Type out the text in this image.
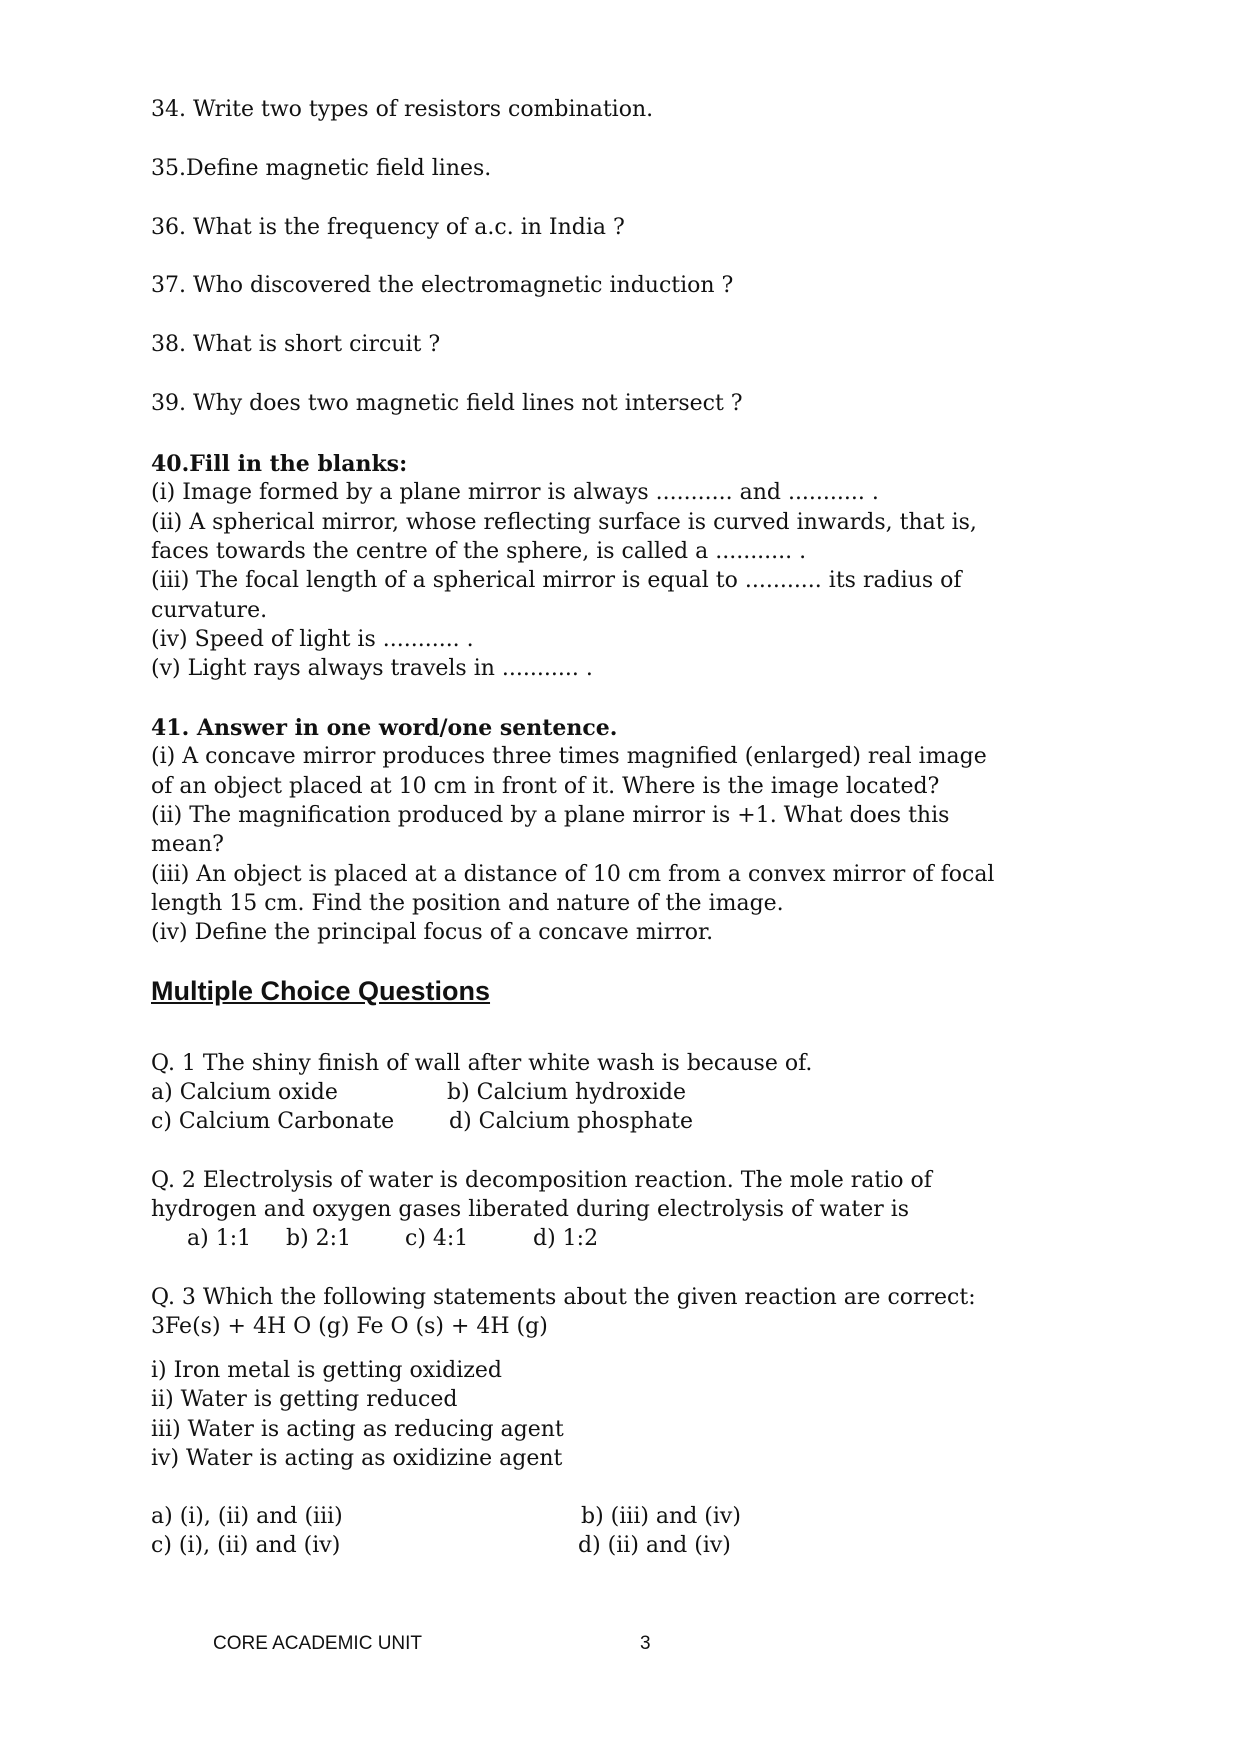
34. Write two types of resistors combination.
35.Define magnetic field lines.
36. What is the frequency of a.c. in India ?
37. Who discovered the electromagnetic induction ?
38. What is short circuit ?
39. Why does two magnetic field lines not intersect ?
40.Fill in the blanks:
(i) Image formed by a plane mirror is always ........... and ........... .
(ii) A spherical mirror, whose reflecting surface is curved inwards, that is,
faces towards the centre of the sphere, is called a ........... .
(iii) The focal length of a spherical mirror is equal to ........... its radius of
curvature.
(iv) Speed of light is ........... .
(v) Light rays always travels in ........... .
41. Answer in one word/one sentence.
(i) A concave mirror produces three times magnified (enlarged) real image
of an object placed at 10 cm in front of it. Where is the image located?
(ii) The magnification produced by a plane mirror is +1. What does this
mean?
(iii) An object is placed at a distance of 10 cm from a convex mirror of focal
length 15 cm. Find the position and nature of the image.
(iv) Define the principal focus of a concave mirror.
Multiple Choice Questions
Q. 1 The shiny finish of wall after white wash is because of.
a) Calcium oxide	b) Calcium hydroxide
c) Calcium Carbonate d) Calcium phosphate
Q. 2 Electrolysis of water is decomposition reaction. The mole ratio of
hydrogen and oxygen gases liberated during electrolysis of water is
a) 1:1 b) 2:1 c) 4:1	d) 1:2
Q. 3 Which the following statements about the given reaction are correct:
3Fe(s) + 4H O (g) Fe O (s) + 4H (g)
i) Iron metal is getting oxidized
ii) Water is getting reduced
iii) Water is acting as reducing agent
iv) Water is acting as oxidizine agent
a) (i), (ii) and (iii)	b) (iii) and (iv)
c) (i), (ii) and (iv)	d) (ii) and (iv)
CORE ACADEMIC UNIT	3
